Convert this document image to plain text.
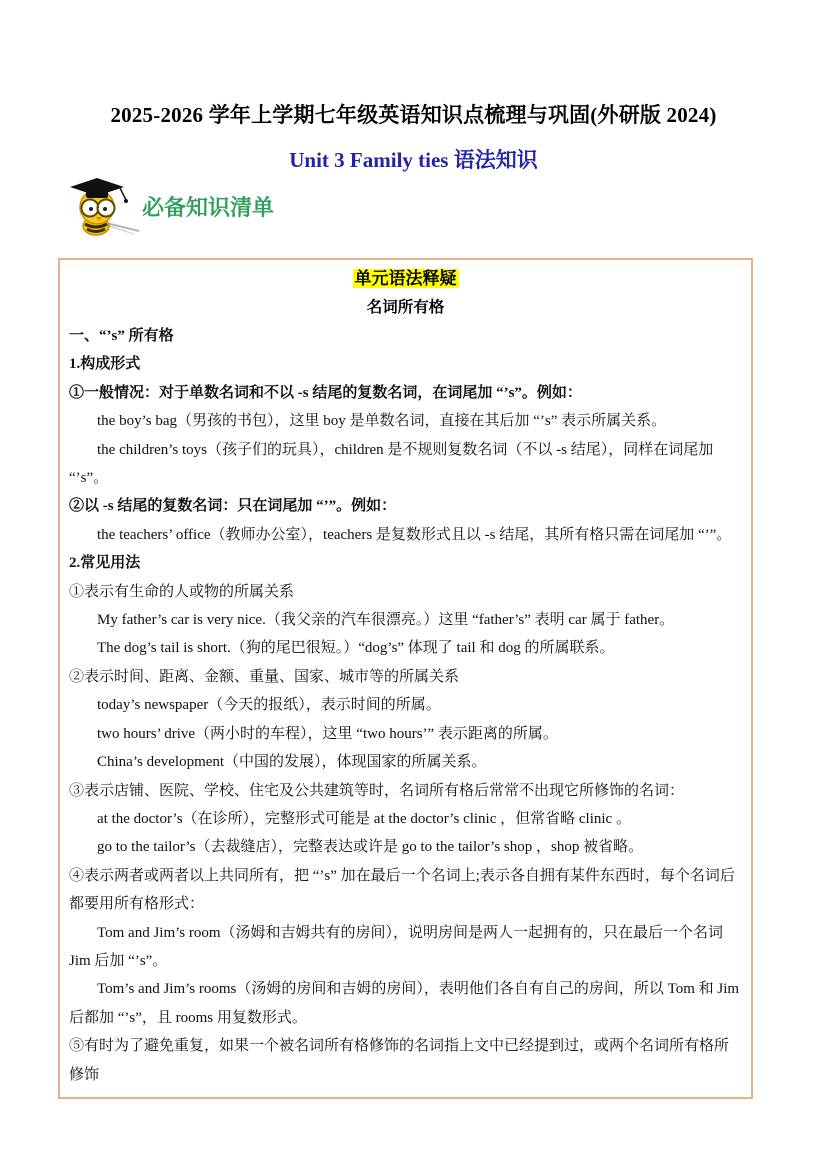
2025-2026 学年上学期七年级英语知识点梳理与巩固(外研版 2024)
Unit 3 Family ties 语法知识
必备知识清单

单元语法释疑

名词所有格

一、“’s” 所有格

1.构成形式

①一般情况：对于单数名词和不以 -s 结尾的复数名词，在词尾加 “’s”。例如：

the boy’s bag（男孩的书包），这里 boy 是单数名词，直接在其后加 “’s” 表示所属关系。

the children’s toys（孩子们的玩具），children 是不规则复数名词（不以 -s 结尾），同样在词尾加 “’s”。

②以 -s 结尾的复数名词：只在词尾加 “’”。例如：

the teachers’ office（教师办公室），teachers 是复数形式且以 -s 结尾，其所有格只需在词尾加 “’”。

2.常见用法

①表示有生命的人或物的所属关系

My father’s car is very nice.（我父亲的汽车很漂亮。）这里 “father’s” 表明 car 属于 father。

The dog’s tail is short.（狗的尾巴很短。）“dog’s” 体现了 tail 和 dog 的所属联系。

②表示时间、距离、金额、重量、国家、城市等的所属关系

today’s newspaper（今天的报纸），表示时间的所属。

two hours’ drive（两小时的车程），这里 “two hours’” 表示距离的所属。

China’s development（中国的发展），体现国家的所属关系。

③表示店铺、医院、学校、住宅及公共建筑等时，名词所有格后常常不出现它所修饰的名词：

at the doctor’s（在诊所），完整形式可能是 at the doctor’s clinic ，但常省略 clinic 。

go to the tailor’s（去裁缝店），完整表达或许是 go to the tailor’s shop ，shop 被省略。

④表示两者或两者以上共同所有，把 “’s” 加在最后一个名词上;表示各自拥有某件东西时，每个名词后都要用所有格形式：

Tom and Jim’s room（汤姆和吉姆共有的房间），说明房间是两人一起拥有的，只在最后一个名词 Jim 后加 “’s”。

Tom’s and Jim’s rooms（汤姆的房间和吉姆的房间），表明他们各自有自己的房间，所以 Tom 和 Jim 后都加 “’s”，且 rooms 用复数形式。

⑤有时为了避免重复，如果一个被名词所有格修饰的名词指上文中已经提到过，或两个名词所有格所修饰
